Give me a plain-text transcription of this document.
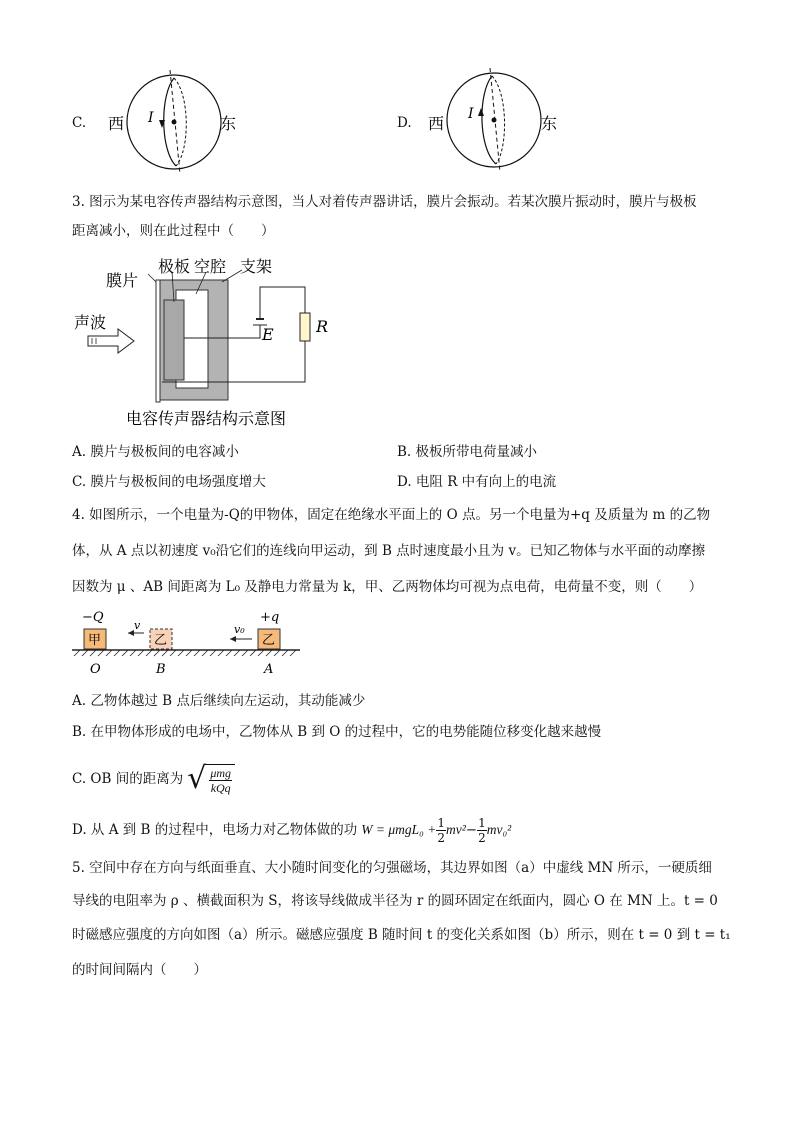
C. 西	东
I	D. 西	东
I
3. 图示为某电容传声器结构示意图，当人对着传声器讲话，膜片会振动。若某次膜片振动时，膜片与极板
距离减小，则在此过程中（　　）
膜片
极板 空腔 支架
声波
E	R
电容传声器结构示意图
A. 膜片与极板间的电容减小	B. 极板所带电荷量减小
C. 膜片与极板间的电场强度增大	D. 电阻 R 中有向上的电流
4. 如图所示，一个电量为-Q的甲物体，固定在绝缘水平面上的 O 点。另一个电量为+q 及质量为 m 的乙物
体，从 A 点以初速度 v₀沿它们的连线向甲运动，到 B 点时速度最小且为 v。已知乙物体与水平面的动摩擦
因数为 μ 、AB 间距离为 L₀ 及静电力常量为 k，甲、乙两物体均可视为点电荷，电荷量不变，则（　　）
−Q	+q
甲	乙	乙
v	v₀
O	B	A
A. 乙物体越过 B 点后继续向左运动，其动能减少
B. 在甲物体形成的电场中，乙物体从 B 到 O 的过程中，它的电势能随位移变化越来越慢
C. OB 间的距离为 √ $\frac{\text{μmg}}{\text{kQq}}$
D. 从 A 到 B 的过程中，电场力对乙物体做的功 $W = \mu mgL_0 + \frac{1}{2} mv^2 - \frac{1}{2} mv_0^2$
5. 空间中存在方向与纸面垂直、大小随时间变化的匀强磁场，其边界如图（a）中虚线 MN 所示，一硬质细
导线的电阻率为 ρ 、横截面积为 S，将该导线做成半径为 r 的圆环固定在纸面内，圆心 O 在 MN 上。t = 0
时磁感应强度的方向如图（a）所示。磁感应强度 B 随时间 t 的变化关系如图（b）所示，则在 t = 0 到 t = t₁
的时间间隔内（　　）
